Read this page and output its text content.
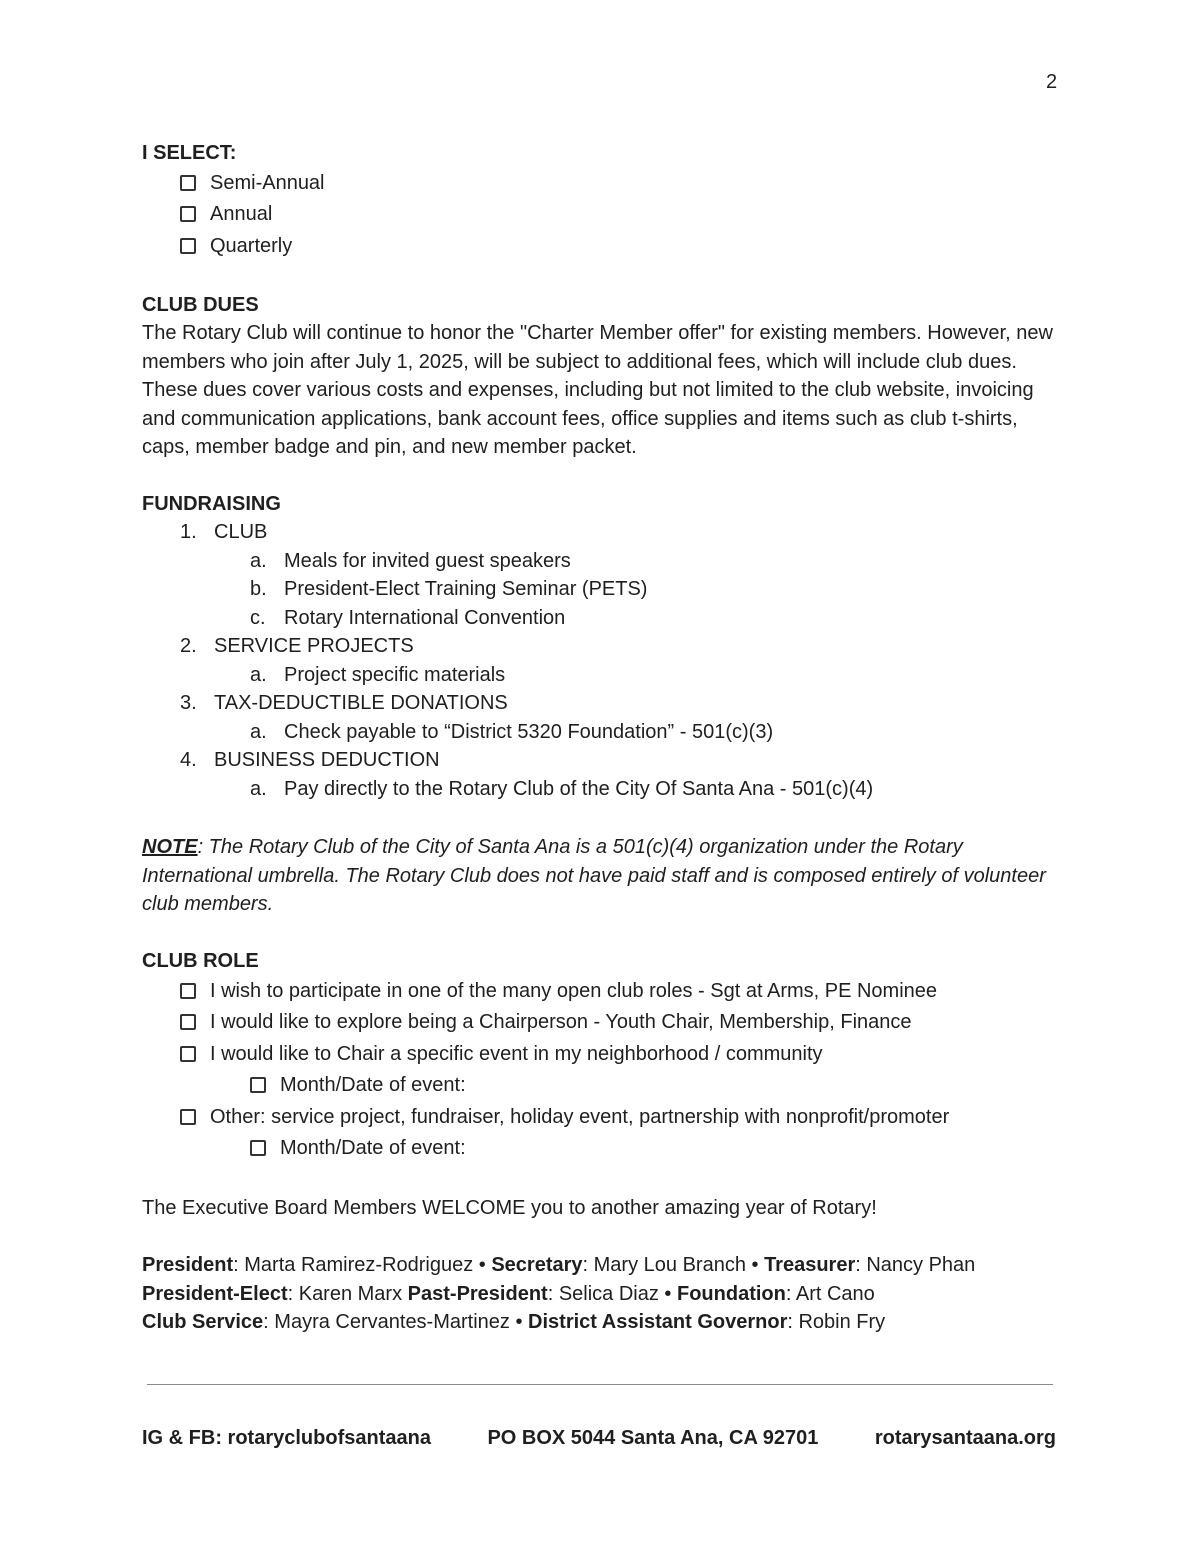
2
I SELECT:
Semi-Annual
Annual
Quarterly
CLUB DUES

The Rotary Club will continue to honor the "Charter Member offer" for existing members. However, new members who join after July 1, 2025, will be subject to additional fees, which will include club dues. These dues cover various costs and expenses, including but not limited to the club website, invoicing and communication applications, bank account fees, office supplies and items such as club t-shirts, caps, member badge and pin, and new member packet.

FUNDRAISING
1. CLUB
a. Meals for invited guest speakers
b. President-Elect Training Seminar (PETS)
c. Rotary International Convention
2. SERVICE PROJECTS
a. Project specific materials
3. TAX-DEDUCTIBLE DONATIONS
a. Check payable to “District 5320 Foundation” - 501(c)(3)
4. BUSINESS DEDUCTION
a. Pay directly to the Rotary Club of the City Of Santa Ana - 501(c)(4)

NOTE: The Rotary Club of the City of Santa Ana is a 501(c)(4) organization under the Rotary International umbrella. The Rotary Club does not have paid staff and is composed entirely of volunteer club members.

CLUB ROLE
I wish to participate in one of the many open club roles - Sgt at Arms, PE Nominee
I would like to explore being a Chairperson - Youth Chair, Membership, Finance
I would like to Chair a specific event in my neighborhood / community
Month/Date of event:
Other: service project, fundraiser, holiday event, partnership with nonprofit/promoter
Month/Date of event:
The Executive Board Members WELCOME you to another amazing year of Rotary!
President: Marta Ramirez-Rodriguez • Secretary: Mary Lou Branch • Treasurer: Nancy Phan
President-Elect: Karen Marx Past-President: Selica Diaz • Foundation: Art Cano
Club Service: Mayra Cervantes-Martinez • District Assistant Governor: Robin Fry
IG & FB: rotaryclubofsantaana	PO BOX 5044 Santa Ana, CA 92701	rotarysantaana.org
